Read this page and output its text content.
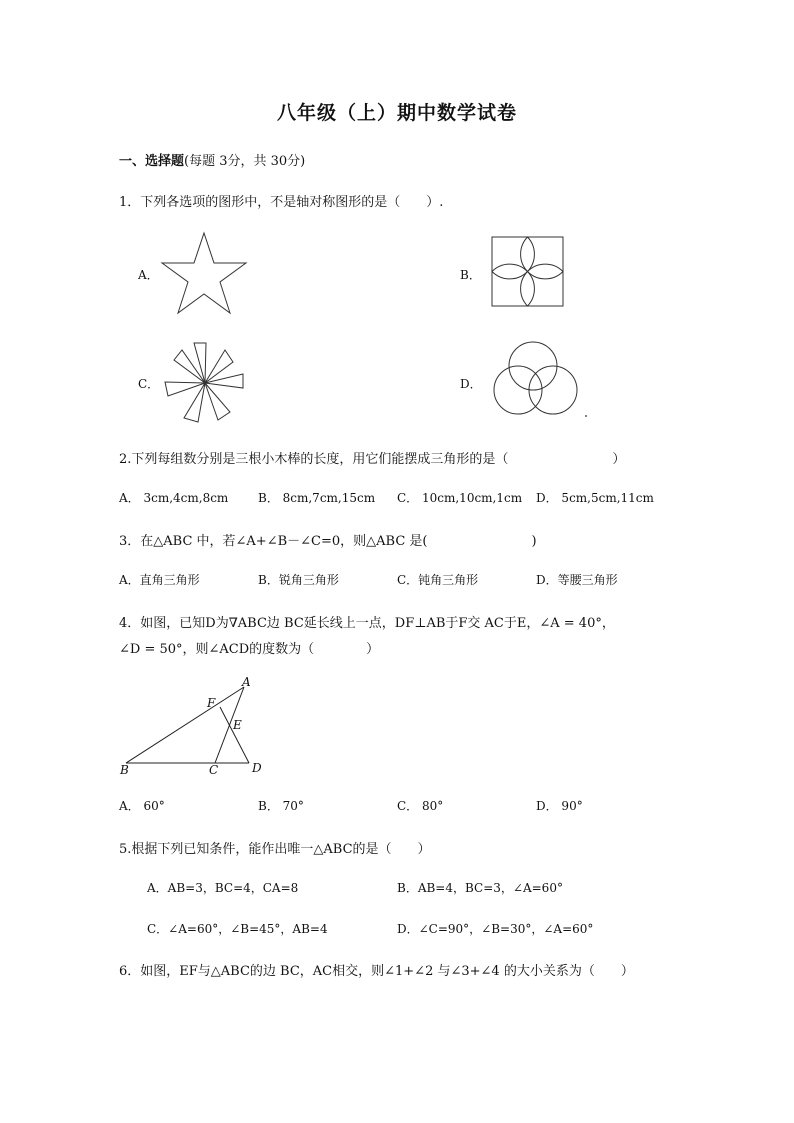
八年级（上）期中数学试卷
一、选择题(每题 3分，共 30分)
1．下列各选项的图形中，不是轴对称图形的是（　　）.
A．	B．
C．	D．
2.下列每组数分别是三根小木棒的长度，用它们能摆成三角形的是（　　　　　　　　）
A． 3cm,4cm,8cm B． 8cm,7cm,15cm C． 10cm,10cm,1cm D． 5cm,5cm,11cm
3．在△ABC 中，若∠A+∠B－∠C=0，则△ABC 是(　　　　　　　　)
A．直角三角形	B．锐角三角形	C．钝角三角形	D．等腰三角形
4．如图，已知D为∇ABC边 BC延长线上一点，DF⊥AB于F交 AC于E，∠A = 40°，
∠D = 50°，则∠ACD的度数为（　　　　）
A
B	C	D
E
F
A． 60°	B． 70°	C． 80°	D． 90°
5.根据下列已知条件，能作出唯一△ABC的是（　　）
A．AB=3，BC=4，CA=8	B．AB=4，BC=3，∠A=60°
C．∠A=60°，∠B=45°，AB=4	D．∠C=90°，∠B=30°，∠A=60°
6．如图，EF与△ABC的边 BC，AC相交，则∠1+∠2 与∠3+∠4 的大小关系为（　　）
